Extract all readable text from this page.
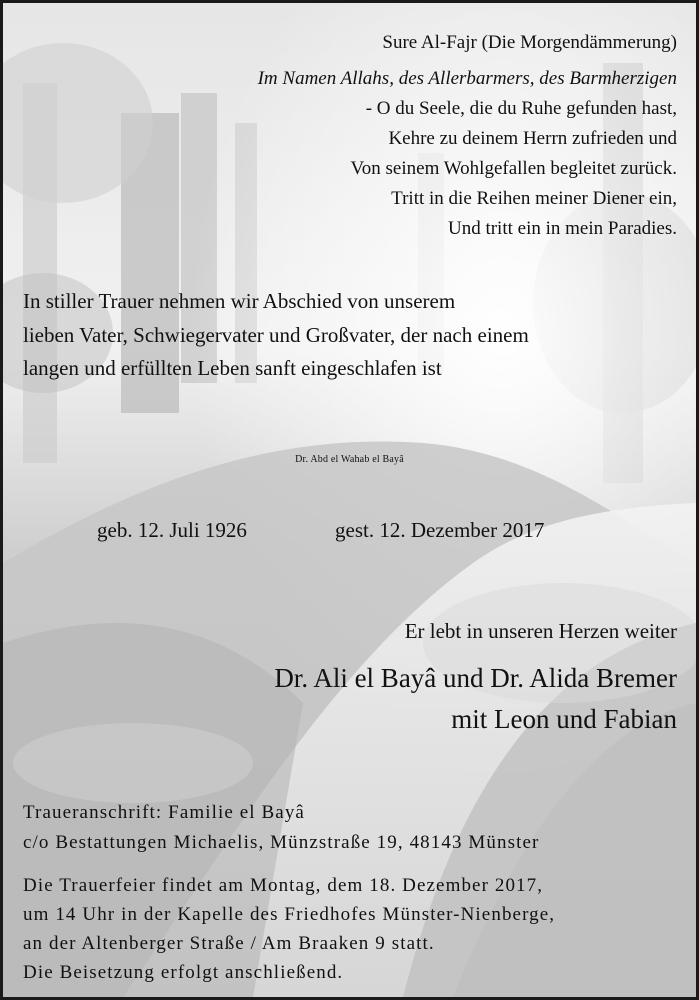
Sure Al-Fajr (Die Morgendämmerung)
Im Namen Allahs, des Allerbarmers, des Barmherzigen
- O du Seele, die du Ruhe gefunden hast,
Kehre zu deinem Herrn zufrieden und
Von seinem Wohlgefallen begleitet zurück.
Tritt in die Reihen meiner Diener ein,
Und tritt ein in mein Paradies.
In stiller Trauer nehmen wir Abschied von unserem
lieben Vater, Schwiegervater und Großvater, der nach einem
langen und erfüllten Leben sanft eingeschlafen ist
Dr. Abd el Wahab el Bayâ
geb. 12. Juli 1926	gest. 12. Dezember 2017
Er lebt in unseren Herzen weiter
Dr. Ali el Bayâ und Dr. Alida Bremer
mit Leon und Fabian
Traueranschrift: Familie el Bayâ
c/o Bestattungen Michaelis, Münzstraße 19, 48143 Münster
Die Trauerfeier findet am Montag, dem 18. Dezember 2017,
um 14 Uhr in der Kapelle des Friedhofes Münster-Nienberge,
an der Altenberger Straße / Am Braaken 9 statt.
Die Beisetzung erfolgt anschließend.
